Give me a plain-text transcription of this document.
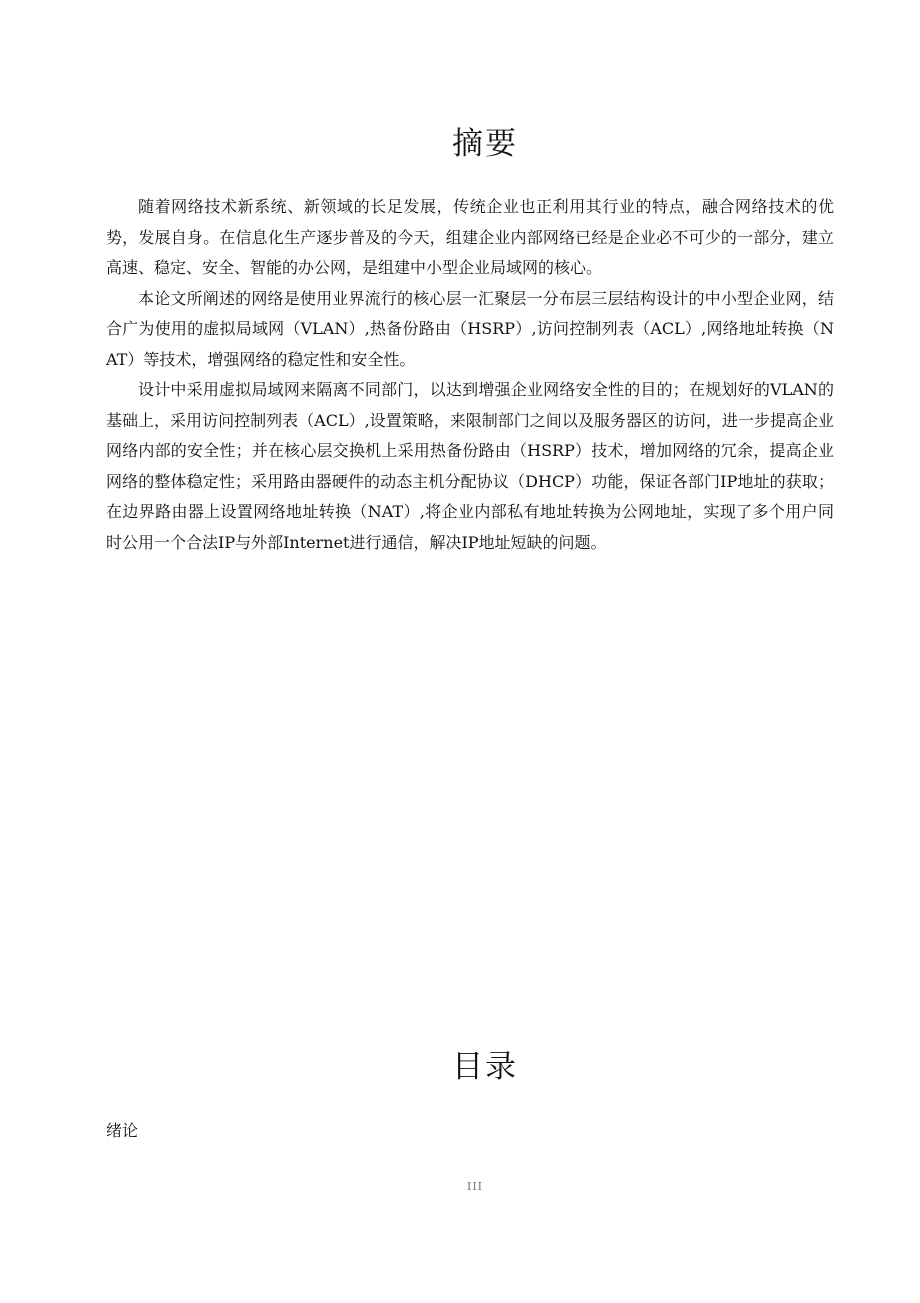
摘要

随着网络技术新系统、新领域的长足发展，传统企业也正利用其行业的特点，融合网络技术的优势，发展自身。在信息化生产逐步普及的今天，组建企业内部网络已经是企业必不可少的一部分，建立高速、稳定、安全、智能的办公网，是组建中小型企业局域网的核心。

本论文所阐述的网络是使用业界流行的核心层一汇聚层一分布层三层结构设计的中小型企业网，结合广为使用的虚拟局域网（VLAN）,热备份路由（HSRP）,访问控制列表（ACL）,网络地址转换（NAT）等技术，增强网络的稳定性和安全性。

设计中采用虚拟局域网来隔离不同部门，以达到增强企业网络安全性的目的；在规划好的VLAN的基础上，采用访问控制列表（ACL）,设置策略，来限制部门之间以及服务器区的访问，进一步提高企业网络内部的安全性；并在核心层交换机上采用热备份路由（HSRP）技术，增加网络的冗余，提高企业网络的整体稳定性；采用路由器硬件的动态主机分配协议（DHCP）功能，保证各部门IP地址的获取；在边界路由器上设置网络地址转换（NAT）,将企业内部私有地址转换为公网地址，实现了多个用户同时公用一个合法IP与外部Internet进行通信，解决IP地址短缺的问题。

目录

绪论

III
